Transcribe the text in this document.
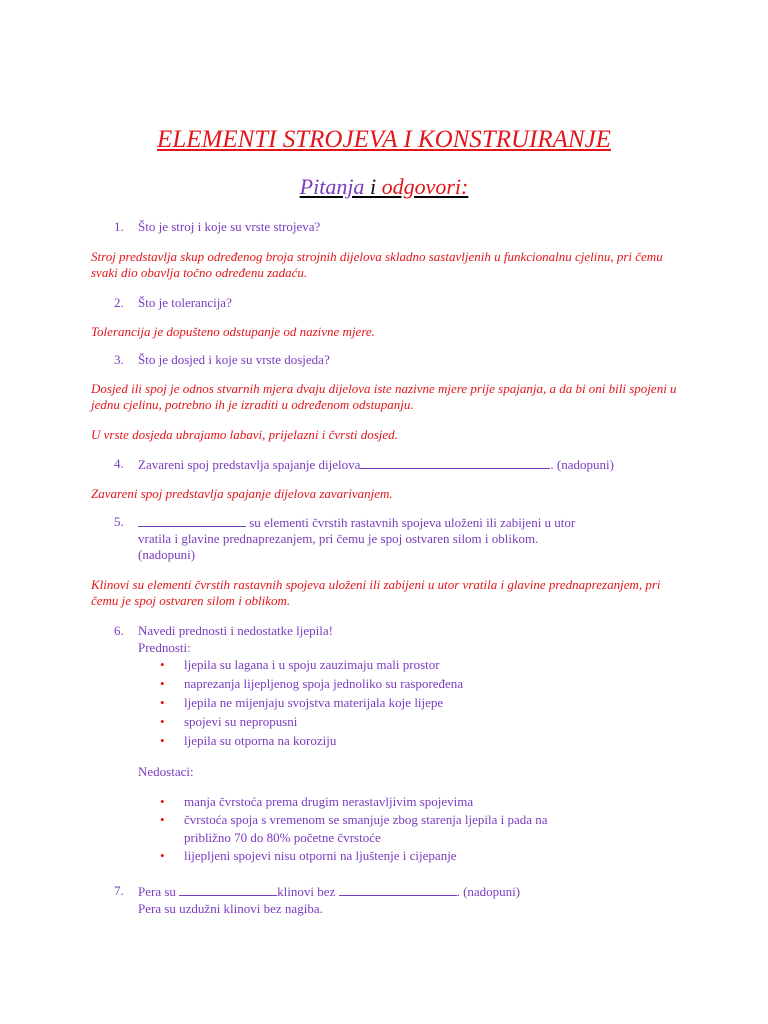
ELEMENTI STROJEVA I KONSTRUIRANJE
Pitanja i odgovori:
1. Što je stroj i koje su vrste strojeva?
Stroj predstavlja skup određenog broja strojnih dijelova skladno sastavljenih u funkcionalnu cjelinu, pri čemu svaki dio obavlja točno određenu zadaću.
2. Što je tolerancija?
Tolerancija je dopušteno odstupanje od nazivne mjere.
3. Što je dosjed i koje su vrste dosjeda?
Dosjed ili spoj je odnos stvarnih mjera dvaju dijelova iste nazivne mjere prije spajanja, a da bi oni bili spojeni u jednu cjelinu, potrebno ih je izraditi u određenom odstupanju.
U vrste dosjeda ubrajamo labavi, prijelazni i čvrsti dosjed.
4. Zavareni spoj predstavlja spajanje dijelova	. (nadopuni)
Zavareni spoj predstavlja spajanje dijelova zavarivanjem.
5.	su elementi čvrstih rastavnih spojeva uloženi ili zabijeni u utor
vratila i glavine prednaprezanjem, pri čemu je spoj ostvaren silom i oblikom.
(nadopuni)
Klinovi su elementi čvrstih rastavnih spojeva uloženi ili zabijeni u utor vratila i glavine prednaprezanjem, pri čemu je spoj ostvaren silom i oblikom.
6. Navedi prednosti i nedostatke ljepila!
Prednosti:
• ljepila su lagana i u spoju zauzimaju mali prostor
• naprezanja lijepljenog spoja jednoliko su raspoređena
• ljepila ne mijenjaju svojstva materijala koje lijepe
• spojevi su nepropusni
• ljepila su otporna na koroziju
Nedostaci:
• manja čvrstoća prema drugim nerastavljivim spojevima
• čvrstoća spoja s vremenom se smanjuje zbog starenja ljepila i pada na
približno 70 do 80% početne čvrstoće
• lijepljeni spojevi nisu otporni na ljuštenje i cijepanje
7. Pera su	klinovi bez	. (nadopuni)
Pera su uzdužni klinovi bez nagiba.
